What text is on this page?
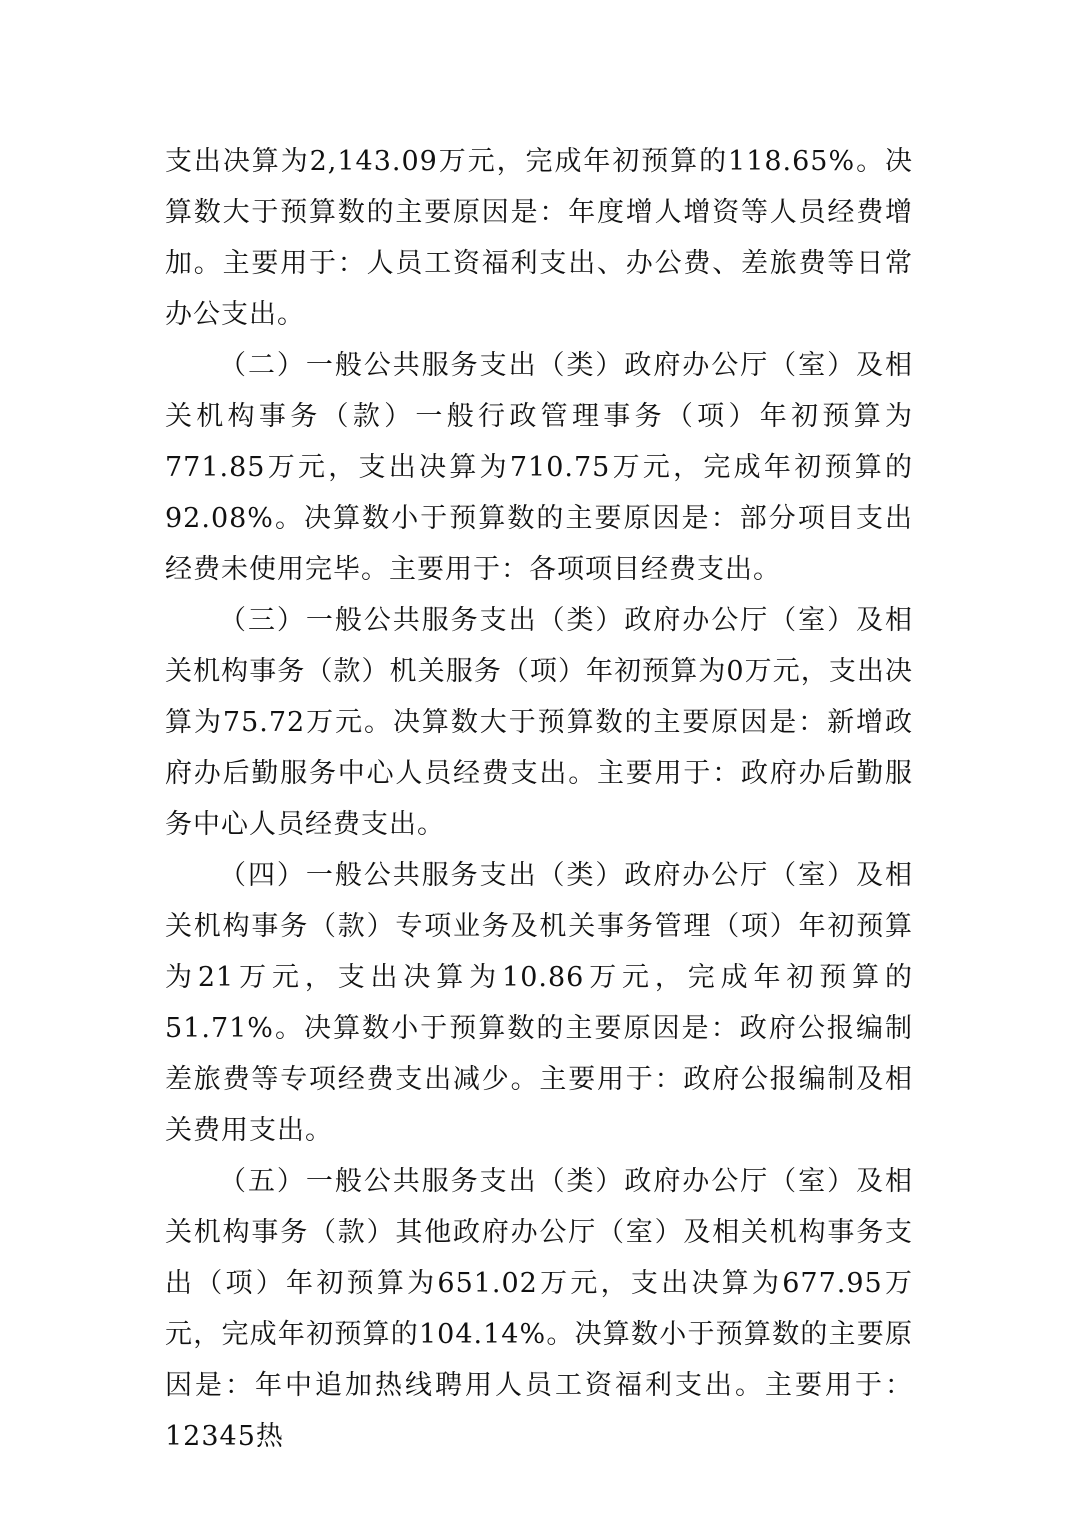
支出决算为2,143.09万元，完成年初预算的118.65%。决算数大于预算数的主要原因是：年度增人增资等人员经费增加。主要用于：人员工资福利支出、办公费、差旅费等日常办公支出。

（二）一般公共服务支出（类）政府办公厅（室）及相关机构事务（款）一般行政管理事务（项）年初预算为771.85万元，支出决算为710.75万元，完成年初预算的92.08%。决算数小于预算数的主要原因是：部分项目支出经费未使用完毕。主要用于：各项项目经费支出。

（三）一般公共服务支出（类）政府办公厅（室）及相关机构事务（款）机关服务（项）年初预算为0万元，支出决算为75.72万元。决算数大于预算数的主要原因是：新增政府办后勤服务中心人员经费支出。主要用于：政府办后勤服务中心人员经费支出。

（四）一般公共服务支出（类）政府办公厅（室）及相关机构事务（款）专项业务及机关事务管理（项）年初预算为21万元，支出决算为10.86万元，完成年初预算的51.71%。决算数小于预算数的主要原因是：政府公报编制差旅费等专项经费支出减少。主要用于：政府公报编制及相关费用支出。

（五）一般公共服务支出（类）政府办公厅（室）及相关机构事务（款）其他政府办公厅（室）及相关机构事务支出（项）年初预算为651.02万元，支出决算为677.95万元，完成年初预算的104.14%。决算数小于预算数的主要原因是：年中追加热线聘用人员工资福利支出。主要用于：12345热
